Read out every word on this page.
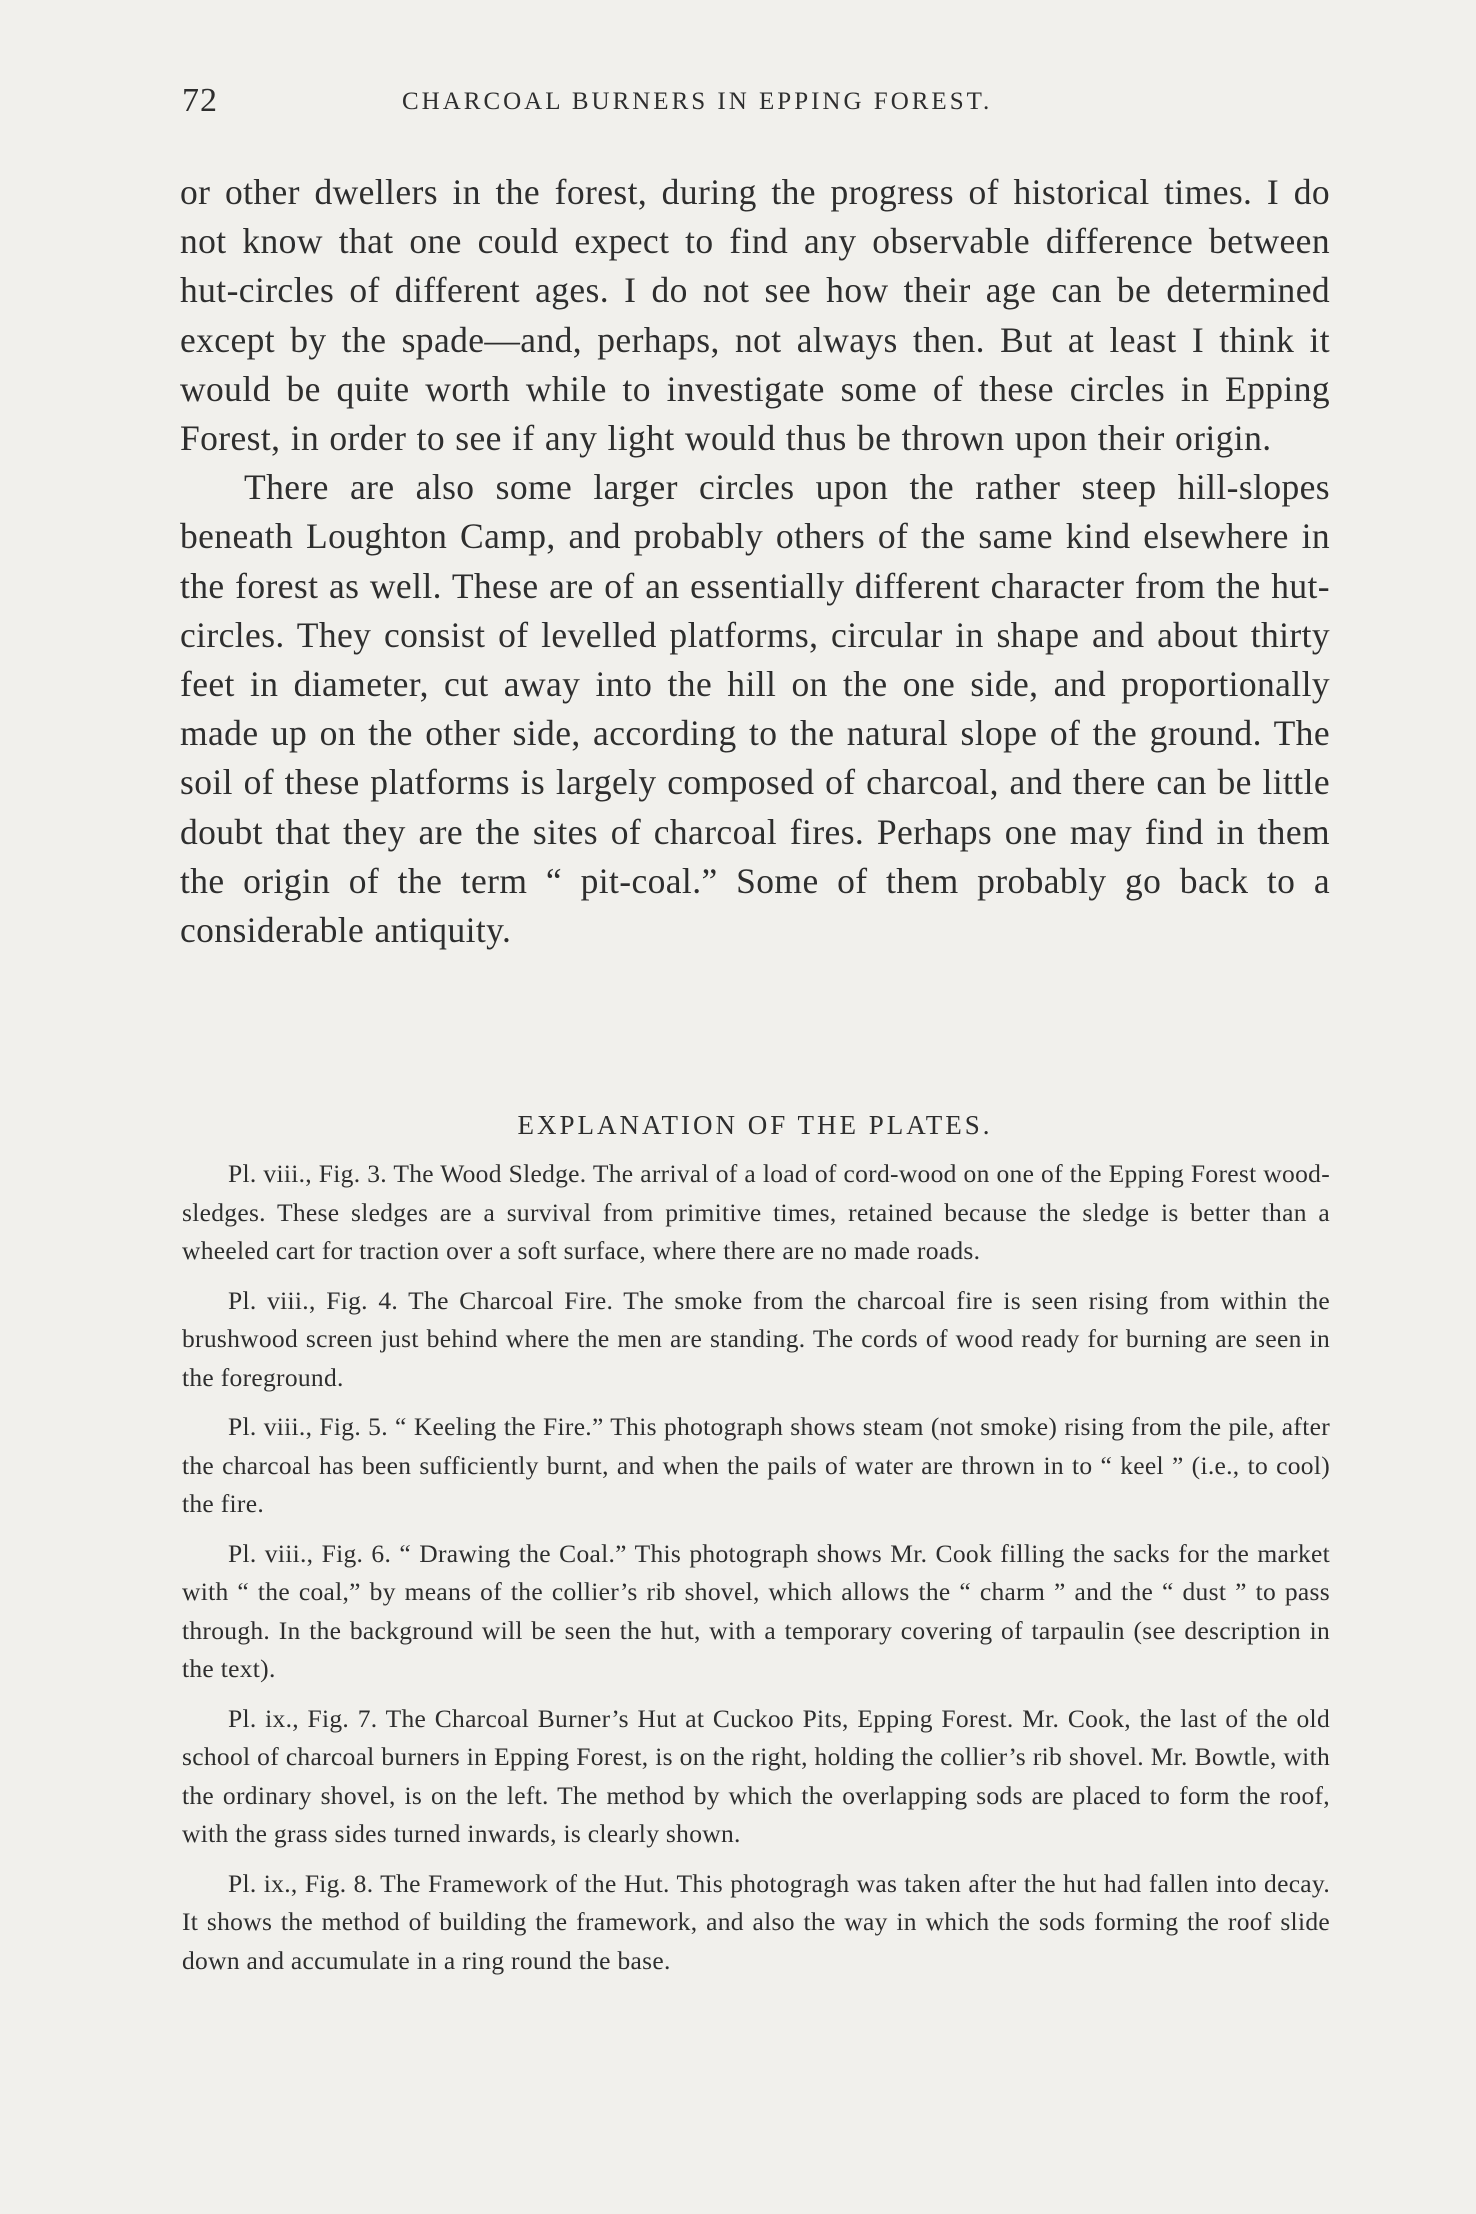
72	CHARCOAL BURNERS IN EPPING FOREST.

or other dwellers in the forest, during the progress of historical times. I do not know that one could expect to find any observable difference between hut-circles of different ages. I do not see how their age can be determined except by the spade—and, perhaps, not always then. But at least I think it would be quite worth while to investigate some of these circles in Epping Forest, in order to see if any light would thus be thrown upon their origin.

There are also some larger circles upon the rather steep hill-slopes beneath Loughton Camp, and probably others of the same kind elsewhere in the forest as well. These are of an essentially different character from the hut-circles. They consist of levelled platforms, circular in shape and about thirty feet in diameter, cut away into the hill on the one side, and proportionally made up on the other side, according to the natural slope of the ground. The soil of these platforms is largely composed of charcoal, and there can be little doubt that they are the sites of charcoal fires. Perhaps one may find in them the origin of the term “ pit-coal.” Some of them probably go back to a considerable antiquity.

EXPLANATION OF THE PLATES.

Pl. viii., Fig. 3. The Wood Sledge. The arrival of a load of cord-wood on one of the Epping Forest wood-sledges. These sledges are a survival from primitive times, retained because the sledge is better than a wheeled cart for traction over a soft surface, where there are no made roads.

Pl. viii., Fig. 4. The Charcoal Fire. The smoke from the charcoal fire is seen rising from within the brushwood screen just behind where the men are standing. The cords of wood ready for burning are seen in the foreground.

Pl. viii., Fig. 5. “ Keeling the Fire.” This photograph shows steam (not smoke) rising from the pile, after the charcoal has been sufficiently burnt, and when the pails of water are thrown in to “ keel ” (i.e., to cool) the fire.

Pl. viii., Fig. 6. “ Drawing the Coal.” This photograph shows Mr. Cook filling the sacks for the market with “ the coal,” by means of the collier’s rib shovel, which allows the “ charm ” and the “ dust ” to pass through. In the background will be seen the hut, with a temporary covering of tarpaulin (see description in the text).

Pl. ix., Fig. 7. The Charcoal Burner’s Hut at Cuckoo Pits, Epping Forest. Mr. Cook, the last of the old school of charcoal burners in Epping Forest, is on the right, holding the collier’s rib shovel. Mr. Bowtle, with the ordinary shovel, is on the left. The method by which the overlapping sods are placed to form the roof, with the grass sides turned inwards, is clearly shown.

Pl. ix., Fig. 8. The Framework of the Hut. This photogragh was taken after the hut had fallen into decay. It shows the method of building the framework, and also the way in which the sods forming the roof slide down and accumulate in a ring round the base.
